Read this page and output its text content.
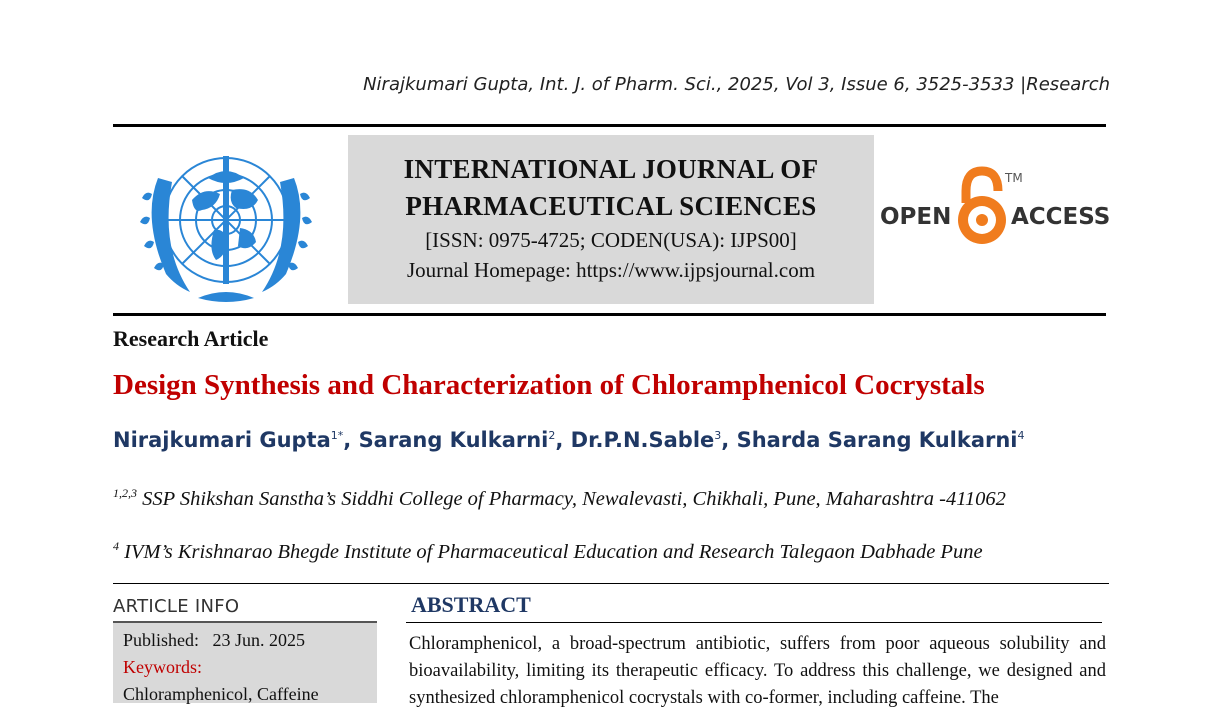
Nirajkumari Gupta, Int. J. of Pharm. Sci., 2025, Vol 3, Issue 6, 3525-3533 |Research
INTERNATIONAL JOURNAL OF
PHARMACEUTICAL SCIENCES
[ISSN: 0975-4725; CODEN(USA): IJPS00]
Journal Homepage: https://www.ijpsjournal.com
OPEN
TM
ACCESS
Research Article
Design Synthesis and Characterization of Chloramphenicol Cocrystals
Nirajkumari Gupta$^{1*}$, Sarang Kulkarni$^2$, Dr.P.N.Sable$^3$, Sharda Sarang Kulkarni$^4$
$^{1,2,3}$ SSP Shikshan Sanstha’s Siddhi College of Pharmacy, Newalevasti, Chikhali, Pune, Maharashtra -411062
$^4$ IVM’s Krishnarao Bhegde Institute of Pharmaceutical Education and Research Talegaon Dabhade Pune
ARTICLE INFO
Published: 23 Jun. 2025
Keywords:
Chloramphenicol, Caffeine
ABSTRACT
Chloramphenicol, a broad-spectrum antibiotic, suffers from poor aqueous solubility and bioavailability, limiting its therapeutic efficacy. To address this challenge, we designed and synthesized chloramphenicol cocrystals with co-former, including caffeine. The
